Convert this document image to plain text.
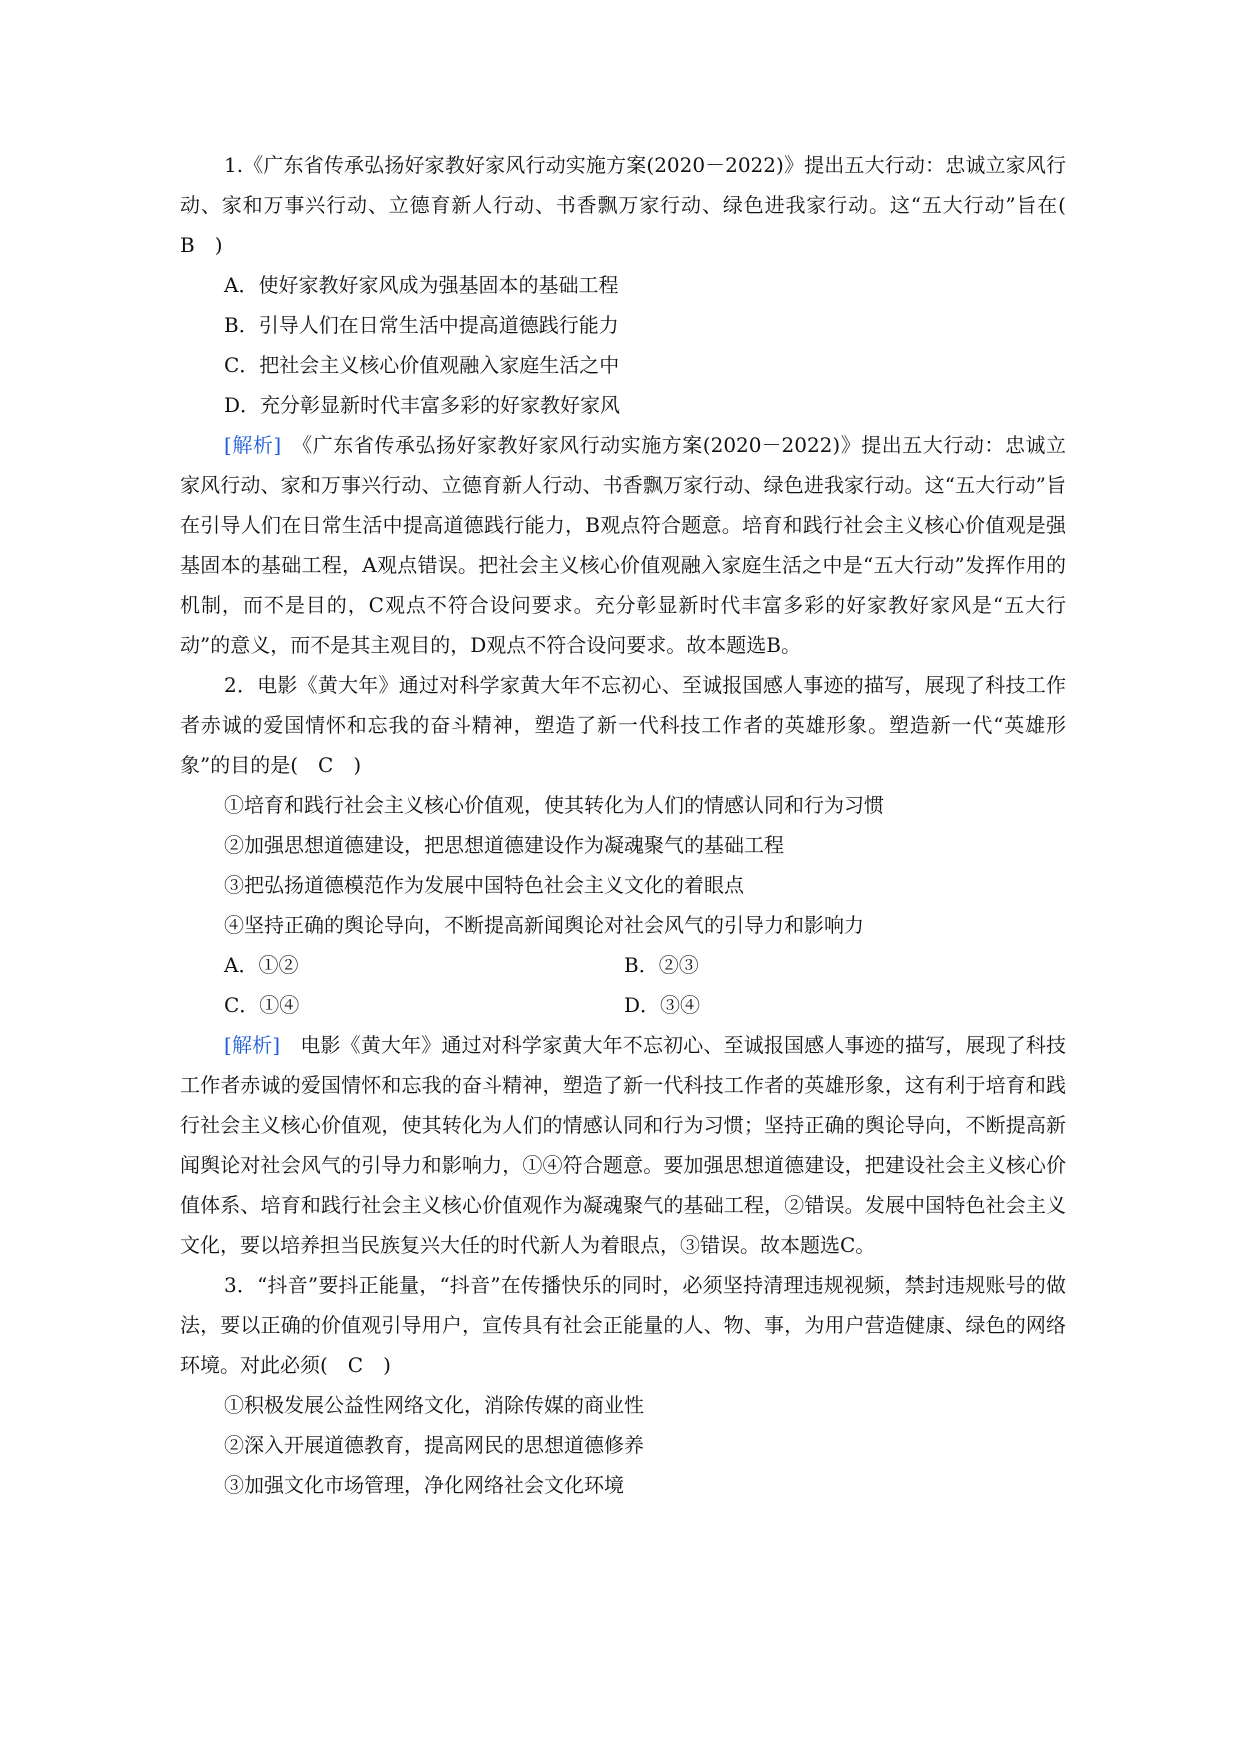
1.《广东省传承弘扬好家教好家风行动实施方案(2020－2022)》提出五大行动：忠诚立家风行动、家和万事兴行动、立德育新人行动、书香飘万家行动、绿色进我家行动。这“五大行动”旨在(　B　)

A．使好家教好家风成为强基固本的基础工程

B．引导人们在日常生活中提高道德践行能力

C．把社会主义核心价值观融入家庭生活之中

D．充分彰显新时代丰富多彩的好家教好家风

[解析]　 《广东省传承弘扬好家教好家风行动实施方案(2020－2022)》提出五大行动：忠诚立家风行动、家和万事兴行动、立德育新人行动、书香飘万家行动、绿色进我家行动。这“五大行动”旨在引导人们在日常生活中提高道德践行能力，B观点符合题意。培育和践行社会主义核心价值观是强基固本的基础工程，A观点错误。把社会主义核心价值观融入家庭生活之中是“五大行动”发挥作用的机制，而不是目的，C观点不符合设问要求。充分彰显新时代丰富多彩的好家教好家风是“五大行动”的意义，而不是其主观目的，D观点不符合设问要求。故本题选B。

2．电影《黄大年》通过对科学家黄大年不忘初心、至诚报国感人事迹的描写，展现了科技工作者赤诚的爱国情怀和忘我的奋斗精神，塑造了新一代科技工作者的英雄形象。塑造新一代“英雄形象”的目的是(　C　)

①培育和践行社会主义核心价值观，使其转化为人们的情感认同和行为习惯

②加强思想道德建设，把思想道德建设作为凝魂聚气的基础工程

③把弘扬道德模范作为发展中国特色社会主义文化的着眼点

④坚持正确的舆论导向，不断提高新闻舆论对社会风气的引导力和影响力

A．①②	B．②③
C．①④	D．③④

[解析]　 电影《黄大年》通过对科学家黄大年不忘初心、至诚报国感人事迹的描写，展现了科技工作者赤诚的爱国情怀和忘我的奋斗精神，塑造了新一代科技工作者的英雄形象，这有利于培育和践行社会主义核心价值观，使其转化为人们的情感认同和行为习惯；坚持正确的舆论导向，不断提高新闻舆论对社会风气的引导力和影响力，①④符合题意。要加强思想道德建设，把建设社会主义核心价值体系、培育和践行社会主义核心价值观作为凝魂聚气的基础工程，②错误。发展中国特色社会主义文化，要以培养担当民族复兴大任的时代新人为着眼点，③错误。故本题选C。

3．“抖音”要抖正能量，“抖音”在传播快乐的同时，必须坚持清理违规视频，禁封违规账号的做法，要以正确的价值观引导用户，宣传具有社会正能量的人、物、事，为用户营造健康、绿色的网络环境。对此必须(　C　)

①积极发展公益性网络文化，消除传媒的商业性

②深入开展道德教育，提高网民的思想道德修养

③加强文化市场管理，净化网络社会文化环境
